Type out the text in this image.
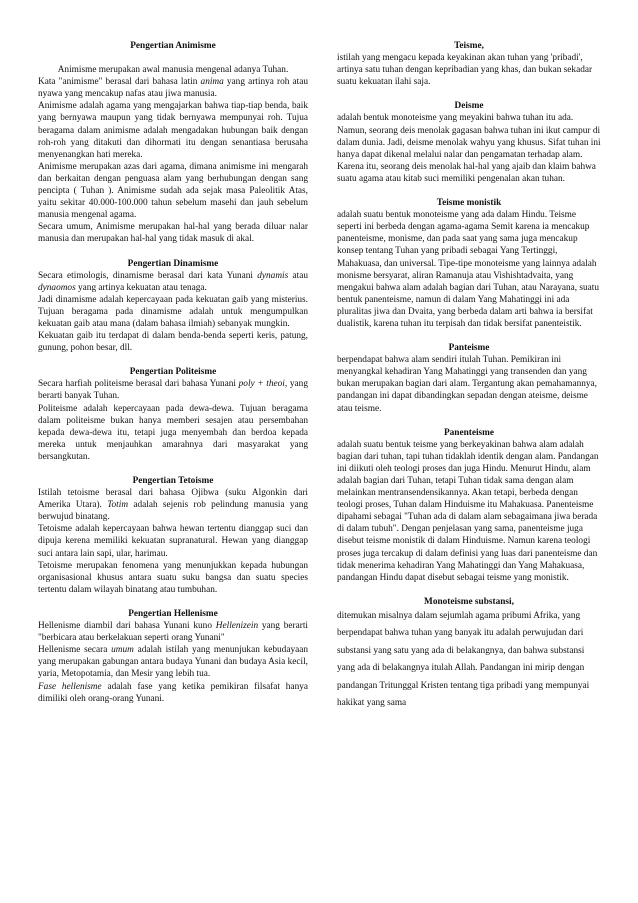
Pengertian Animisme

Animisme merupakan awal manusia mengenal adanya Tuhan.

Kata "animisme" berasal dari bahasa latin anima yang artinya roh atau nyawa yang mencakup nafas atau jiwa manusia.

Animisme adalah agama yang mengajarkan bahwa tiap-tiap benda, baik yang bernyawa maupun yang tidak bernyawa mempunyai roh. Tujua beragama dalam animisme adalah mengadakan hubungan baik dengan roh-roh yang ditakuti dan dihormati itu dengan senantiasa berusaha menyenangkan hati mereka.

Animisme merupakan azas dari agama, dimana animisme ini mengarah dan berkaitan dengan penguasa alam yang berhubungan dengan sang pencipta ( Tuhan ). Animisme sudah ada sejak masa Paleolitik Atas, yaitu sekitar 40.000-100.000 tahun sebelum masehi dan jauh sebelum manusia mengenal agama.

Secara umum, Animisme merupakan hal-hal yang berada diluar nalar manusia dan merupakan hal-hal yang tidak masuk di akal.

Pengertian Dinamisme

Secara etimologis, dinamisme berasal dari kata Yunani dynamis atau dynaomos yang artinya kekuatan atau tenaga.

Jadi dinamisme adalah kepercayaan pada kekuatan gaib yang misterius. Tujuan beragama pada dinamisme adalah untuk mengumpulkan kekuatan gaib atau mana (dalam bahasa ilmiah) sebanyak mungkin.

Kekuatan gaib itu terdapat di dalam benda-benda seperti keris, patung, gunung, pohon besar, dll.

Pengertian Politeisme

Secara harfiah politeisme berasal dari bahasa Yunani poly + theoi, yang berarti banyak Tuhan.

Politeisme adalah kepercayaan pada dewa-dewa. Tujuan beragama dalam politeisme bukan hanya memberi sesajen atau persembahan kepada dewa-dewa itu, tetapi juga menyembah dan berdoa kepada mereka untuk menjauhkan amarahnya dari masyarakat yang bersangkutan.

Pengertian Tetoisme

Istilah tetoisme berasal dari bahasa Ojibwa (suku Algonkin dari Amerika Utara). Totim adalah sejenis rob pelindung manusia yang berwujud binatang.

Tetoisme adalah kepercayaan bahwa hewan tertentu dianggap suci dan dipuja kerena memiliki kekuatan supranatural. Hewan yang dianggap suci antara lain sapi, ular, harimau.

Tetoisme merupakan fenomena yang menunjukkan kepada hubungan organisasional khusus antara suatu suku bangsa dan suatu species tertentu dalam wilayah binatang atau tumbuhan.

Pengertian Hellenisme

Hellenisme diambil dari bahasa Yunani kuno Hellenizein yang berarti "berbicara atau berkelakuan seperti orang Yunani"

Hellenisme secara umum adalah istilah yang menunjukan kebudayaan yang merupakan gabungan antara budaya Yunani dan budaya Asia kecil, yaria, Metopotamia, dan Mesir yang lebih tua.

Fase hellenisme adalah fase yang ketika pemikiran filsafat hanya dimiliki oleh orang-orang Yunani.

Teisme,

istilah yang mengacu kepada keyakinan akan tuhan yang 'pribadi', artinya satu tuhan dengan kepribadian yang khas, dan bukan sekadar suatu kekuatan ilahi saja.

Deisme

adalah bentuk monoteisme yang meyakini bahwa tuhan itu ada. Namun, seorang deis menolak gagasan bahwa tuhan ini ikut campur di dalam dunia. Jadi, deisme menolak wahyu yang khusus. Sifat tuhan ini hanya dapat dikenal melalui nalar dan pengamatan terhadap alam. Karena itu, seorang deis menolak hal-hal yang ajaib dan klaim bahwa suatu agama atau kitab suci memiliki pengenalan akan tuhan.

Teisme monistik

adalah suatu bentuk monoteisme yang ada dalam Hindu. Teisme seperti ini berbeda dengan agama-agama Semit karena ia mencakup panenteisme, monisme, dan pada saat yang sama juga mencakup konsep tentang Tuhan yang pribadi sebagai Yang Tertinggi, Mahakuasa, dan universal. Tipe-tipe monoteisme yang lainnya adalah monisme bersyarat, aliran Ramanuja atau Vishishtadvaita, yang mengakui bahwa alam adalah bagian dari Tuhan, atau Narayana, suatu bentuk panenteisme, namun di dalam Yang Mahatinggi ini ada pluralitas jiwa dan Dvaita, yang berbeda dalam arti bahwa ia bersifat dualistik, karena tuhan itu terpisah dan tidak bersifat panenteistik.

Panteisme

berpendapat bahwa alam sendiri itulah Tuhan. Pemikiran ini menyangkal kehadiran Yang Mahatinggi yang transenden dan yang bukan merupakan bagian dari alam. Tergantung akan pemahamannya, pandangan ini dapat dibandingkan sepadan dengan ateisme, deisme atau teisme.

Panenteisme

adalah suatu bentuk teisme yang berkeyakinan bahwa alam adalah bagian dari tuhan, tapi tuhan tidaklah identik dengan alam. Pandangan ini diikuti oleh teologi proses dan juga Hindu. Menurut Hindu, alam adalah bagian dari Tuhan, tetapi Tuhan tidak sama dengan alam melainkan mentransendensikannya. Akan tetapi, berbeda dengan teologi proses, Tuhan dalam Hinduisme itu Mahakuasa. Panenteisme dipahami sebagai "Tuhan ada di dalam alam sebagaimana jiwa berada di dalam tubuh". Dengan penjelasan yang sama, panenteisme juga disebut teisme monistik di dalam Hinduisme. Namun karena teologi proses juga tercakup di dalam definisi yang luas dari panenteisme dan tidak menerima kehadiran Yang Mahatinggi dan Yang Mahakuasa, pandangan Hindu dapat disebut sebagai teisme yang monistik.

Monoteisme substansi,

ditemukan misalnya dalam sejumlah agama pribumi Afrika, yang berpendapat bahwa tuhan yang banyak itu adalah perwujudan dari substansi yang satu yang ada di belakangnya, dan bahwa substansi yang ada di belakangnya itulah Allah. Pandangan ini mirip dengan pandangan Tritunggal Kristen tentang tiga pribadi yang mempunyai hakikat yang sama
